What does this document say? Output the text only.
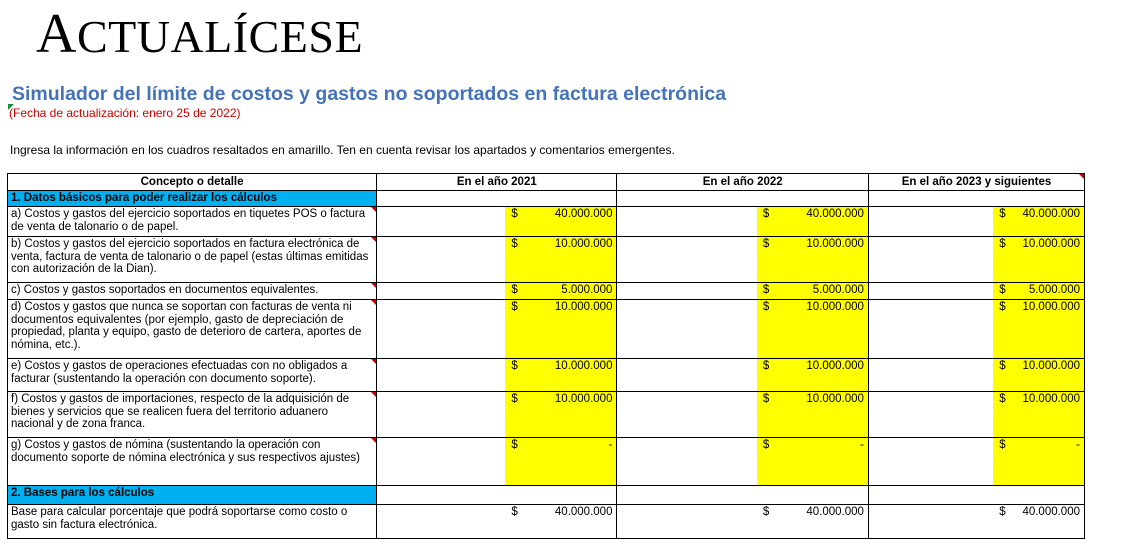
ACTUALÍCESE
Simulador del límite de costos y gastos no soportados en factura electrónica
(Fecha de actualización: enero 25 de 2022)
Ingresa la información en los cuadros resaltados en amarillo. Ten en cuenta revisar los apartados y comentarios emergentes.
Concepto o detalle	En el año 2021		En el año 2022		En el año 2023 y siguientes	

1. Datos básicos para poder realizar los cálculos						
a) Costos y gastos del ejercicio soportados en tiquetes POS o factura de venta de talonario o de papel.		$ 40.000.000		$ 40.000.000		$ 40.000.000

b) Costos y gastos del ejercicio soportados en factura electrónica de venta, factura de venta de talonario o de papel (estas últimas emitidas con autorización de la Dian).		$ 10.000.000		$ 10.000.000		$ 10.000.000

c) Costos y gastos soportados en documentos equivalentes.		$ 5.000.000		$ 5.000.000		$ 5.000.000

d) Costos y gastos que nunca se soportan con facturas de venta ni documentos equivalentes (por ejemplo, gasto de depreciación de propiedad, planta y equipo, gasto de deterioro de cartera, aportes de nómina, etc.).		$ 10.000.000		$ 10.000.000		$ 10.000.000

e) Costos y gastos de operaciones efectuadas con no obligados a facturar (sustentando la operación con documento soporte).		$ 10.000.000		$ 10.000.000		$ 10.000.000

f) Costos y gastos de importaciones, respecto de la adquisición de bienes y servicios que se realicen fuera del territorio aduanero nacional y de zona franca.		$ 10.000.000		$ 10.000.000		$ 10.000.000

g) Costos y gastos de nómina (sustentando la operación con documento soporte de nómina electrónica y sus respectivos ajustes)		$ -		$ -		$ -

2. Bases para los cálculos						
Base para calcular porcentaje que podrá soportarse como costo o gasto sin factura electrónica.		$ 40.000.000		$ 40.000.000		$ 40.000.000
